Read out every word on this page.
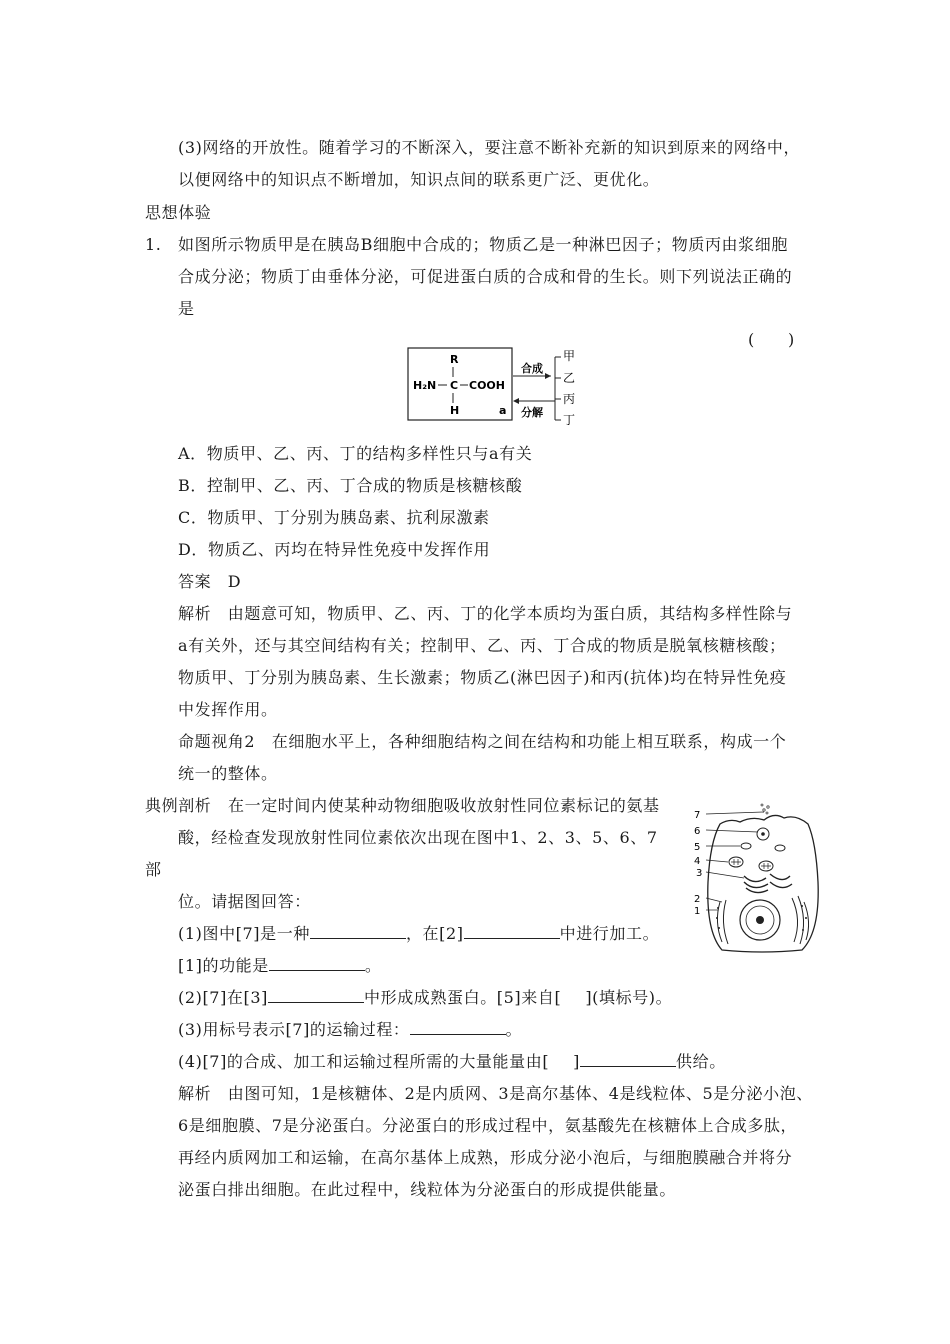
(3)网络的开放性。随着学习的不断深入，要注意不断补充新的知识到原来的网络中，
以便网络中的知识点不断增加，知识点间的联系更广泛、更优化。
思想体验
1. 如图所示物质甲是在胰岛B细胞中合成的；物质乙是一种淋巴因子；物质丙由浆细胞
合成分泌；物质丁由垂体分泌，可促进蛋白质的合成和骨的生长。则下列说法正确的
是
(　　)
R
H₂N C COOH
H	a
合成
分解
甲
乙
丙
丁
A．物质甲、乙、丙、丁的结构多样性只与a有关
B．控制甲、乙、丙、丁合成的物质是核糖核酸
C．物质甲、丁分别为胰岛素、抗利尿激素
D．物质乙、丙均在特异性免疫中发挥作用
答案　D
解析　由题意可知，物质甲、乙、丙、丁的化学本质均为蛋白质，其结构多样性除与
a有关外，还与其空间结构有关；控制甲、乙、丙、丁合成的物质是脱氧核糖核酸；
物质甲、丁分别为胰岛素、生长激素；物质乙(淋巴因子)和丙(抗体)均在特异性免疫
中发挥作用。
命题视角2　在细胞水平上，各种细胞结构之间在结构和功能上相互联系，构成一个
统一的整体。
典例剖析　在一定时间内使某种动物细胞吸收放射性同位素标记的氨基
酸，经检查发现放射性同位素依次出现在图中1、2、3、5、6、7
部
位。请据图回答：
(1)图中[7]是一种	，在[2]	中进行加工。
[1]的功能是	。
(2)[7]在[3]	中形成成熟蛋白。[5]来自[ ](填标号)。
(3)用标号表示[7]的运输过程：	。
(4)[7]的合成、加工和运输过程所需的大量能量由[ ]	供给。
解析　由图可知，1是核糖体、2是内质网、3是高尔基体、4是线粒体、5是分泌小泡、
6是细胞膜、7是分泌蛋白。分泌蛋白的形成过程中，氨基酸先在核糖体上合成多肽，
再经内质网加工和运输，在高尔基体上成熟，形成分泌小泡后，与细胞膜融合并将分
泌蛋白排出细胞。在此过程中，线粒体为分泌蛋白的形成提供能量。
7
6
5
4
3
2
1
